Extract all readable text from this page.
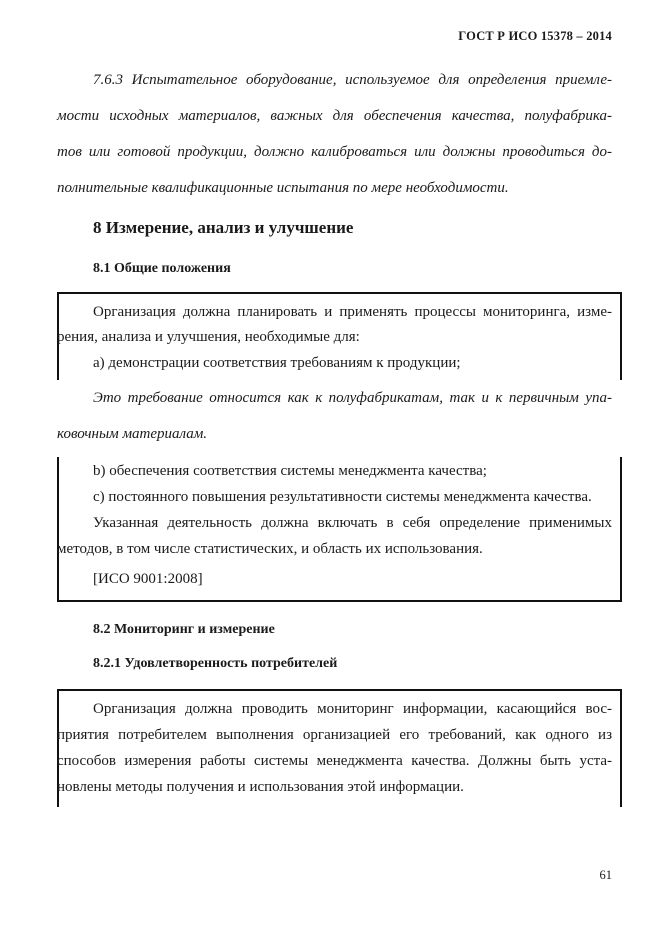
ГОСТ Р ИСО 15378 – 2014
7.6.3 Испытательное оборудование, используемое для определения приемле-
мости исходных материалов, важных для обеспечения качества, полуфабрика-
тов или готовой продукции, должно калиброваться или должны проводиться до-
полнительные квалификационные испытания по мере необходимости.
8 Измерение, анализ и улучшение
8.1 Общие положения
Организация должна планировать и применять процессы мониторинга, изме-
рения, анализа и улучшения, необходимые для:
a) демонстрации соответствия требованиям к продукции;
Это требование относится как к полуфабрикатам, так и к первичным упа-
ковочным материалам.
b) обеспечения соответствия системы менеджмента качества;
c) постоянного повышения результативности системы менеджмента качества.
Указанная деятельность должна включать в себя определение применимых
методов, в том числе статистических, и область их использования.
[ИСО 9001:2008]
8.2 Мониторинг и измерение
8.2.1 Удовлетворенность потребителей
Организация должна проводить мониторинг информации, касающийся вос-
приятия потребителем выполнения организацией его требований, как одного из
способов измерения работы системы менеджмента качества. Должны быть уста-
новлены методы получения и использования этой информации.
61
